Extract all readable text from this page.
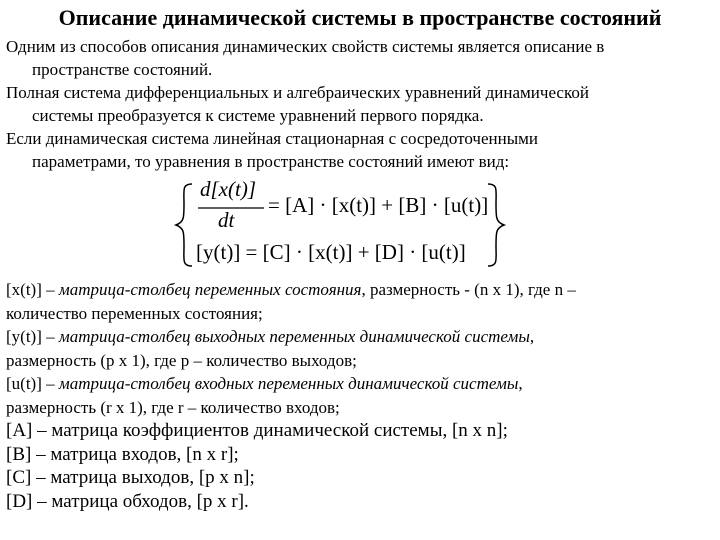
Описание динамической системы в пространстве состояний
Одним из способов описания динамических свойств системы является описание в
пространстве состояний.
Полная система дифференциальных и алгебраических уравнений динамической
системы преобразуется к системе уравнений первого порядка.
Если динамическая система линейная стационарная с сосредоточенными
параметрами, то уравнения в пространстве состояний имеют вид:
d[x(t)]
dt
= [A] · [x(t)] + [B] · [u(t)]
[y(t)] = [C] · [x(t)] + [D] · [u(t)]
[x(t)] – матрица-столбец переменных состояния, размерность - (n x 1), где n –
количество переменных состояния;
[y(t)] – матрица-столбец выходных переменных динамической системы,
размерность (p x 1), где p – количество выходов;
[u(t)] – матрица-столбец входных переменных динамической системы,
размерность (r x 1), где r – количество входов;
[A] – матрица коэффициентов динамической системы, [n x n];
[B] – матрица входов, [n x r];
[C] – матрица выходов, [p x n];
[D] – матрица обходов, [p x r].
